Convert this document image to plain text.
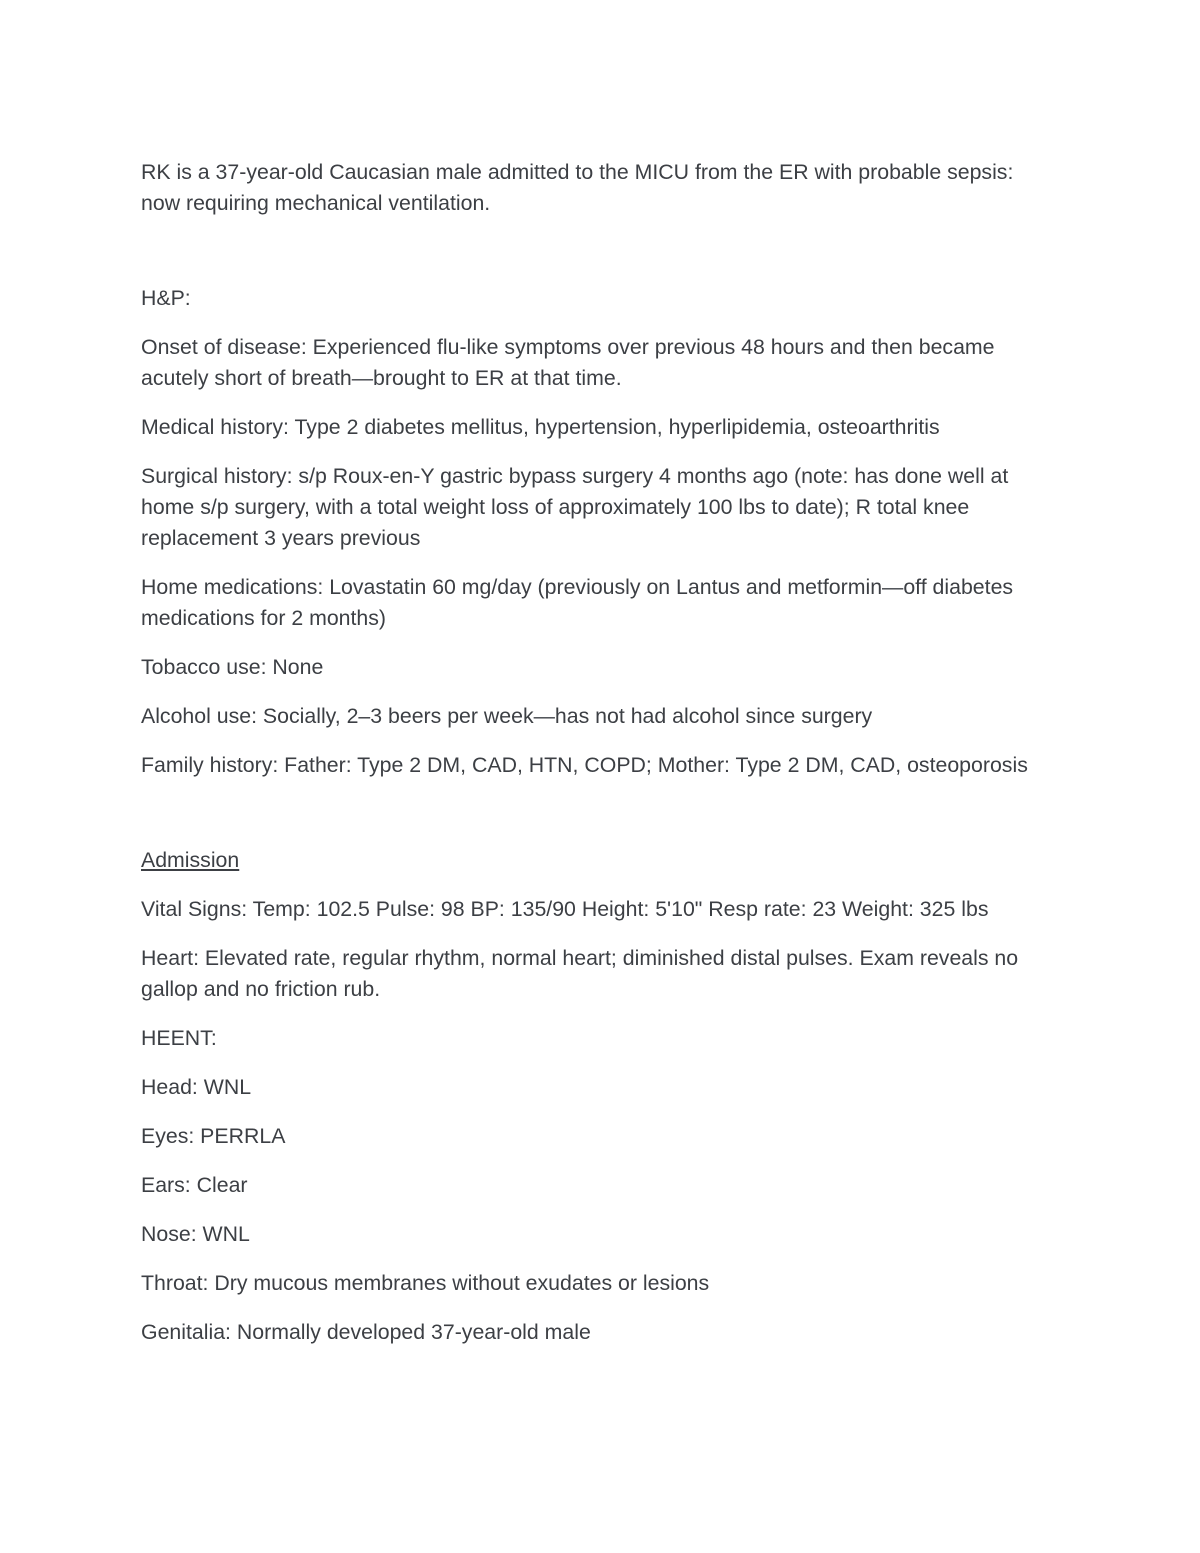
RK is a 37-year-old Caucasian male admitted to the MICU from the ER with probable sepsis: now requiring mechanical ventilation.

H&P:

Onset of disease: Experienced flu-like symptoms over previous 48 hours and then became acutely short of breath—brought to ER at that time.

Medical history: Type 2 diabetes mellitus, hypertension, hyperlipidemia, osteoarthritis

Surgical history: s/p Roux-en-Y gastric bypass surgery 4 months ago (note: has done well at home s/p surgery, with a total weight loss of approximately 100 lbs to date); R total knee replacement 3 years previous

Home medications: Lovastatin 60 mg/day (previously on Lantus and metformin—off diabetes medications for 2 months)

Tobacco use: None

Alcohol use: Socially, 2–3 beers per week—has not had alcohol since surgery

Family history: Father: Type 2 DM, CAD, HTN, COPD; Mother: Type 2 DM, CAD, osteoporosis

Admission

Vital Signs: Temp: 102.5 Pulse: 98 BP: 135/90 Height: 5'10" Resp rate: 23 Weight: 325 lbs

Heart: Elevated rate, regular rhythm, normal heart; diminished distal pulses. Exam reveals no gallop and no friction rub.

HEENT:

Head: WNL

Eyes: PERRLA

Ears: Clear

Nose: WNL

Throat: Dry mucous membranes without exudates or lesions

Genitalia: Normally developed 37-year-old male
